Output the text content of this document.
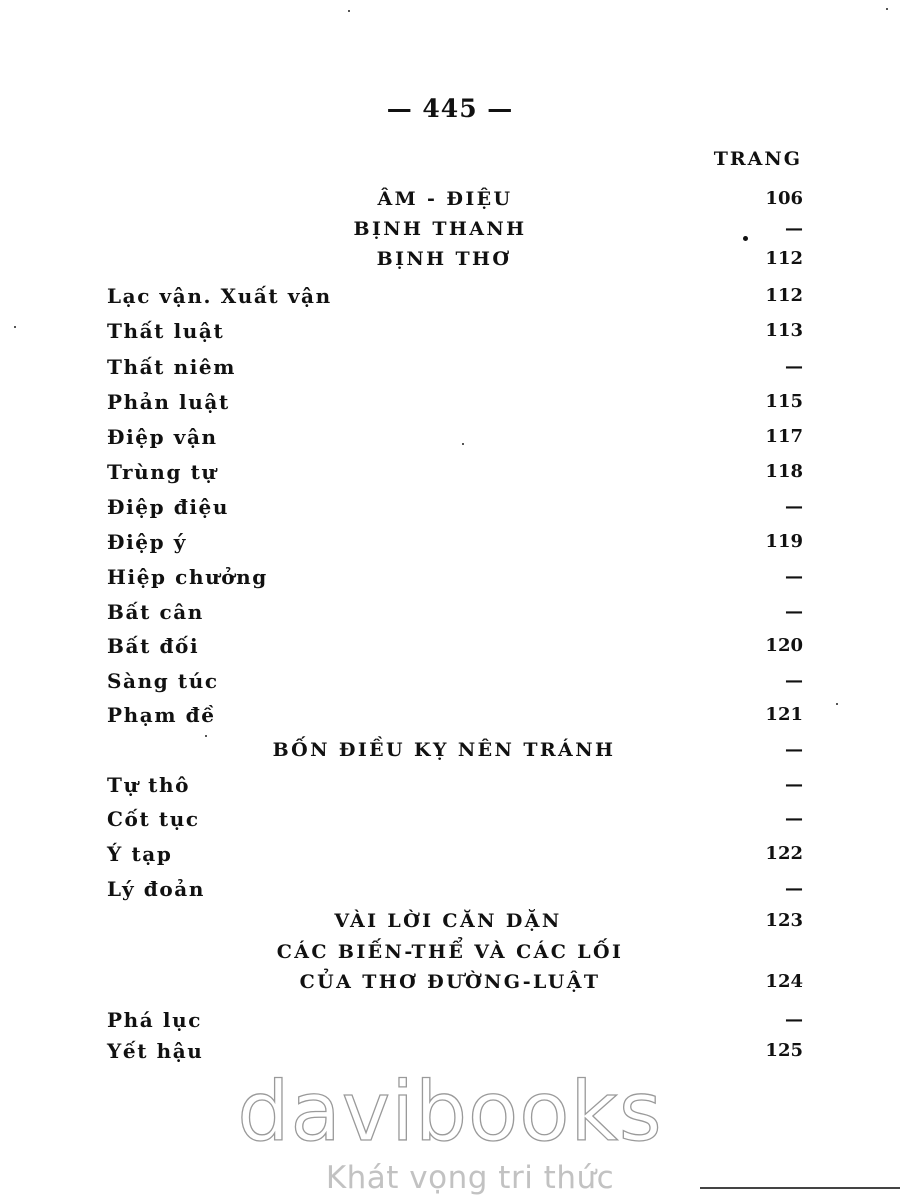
— 445 —
TRANG
ÂM - ĐIỆU	106
BỊNH THANH	—
BỊNH THƠ	112
Lạc vận. Xuất vận	112
Thất luật	113
Thất niêm	—
Phản luật	115
Điệp vận	117
Trùng tự	118
Điệp điệu	—
Điệp ý	119
Hiệp chưởng	—
Bất cân	—
Bất đối	120
Sàng túc	—
Phạm đề	121
BỐN ĐIỀU KỴ NÊN TRÁNH	—
Tự thô	—
Cốt tục	—
Ý tạp	122
Lý đoản	—
VÀI LỜI CĂN DẶN	123
CÁC BIẾN-THỂ VÀ CÁC LỐI
CỦA THƠ ĐƯỜNG-LUẬT	124
Phá lục	—
Yết hậu	125
davibooks
Khát vọng tri thức
